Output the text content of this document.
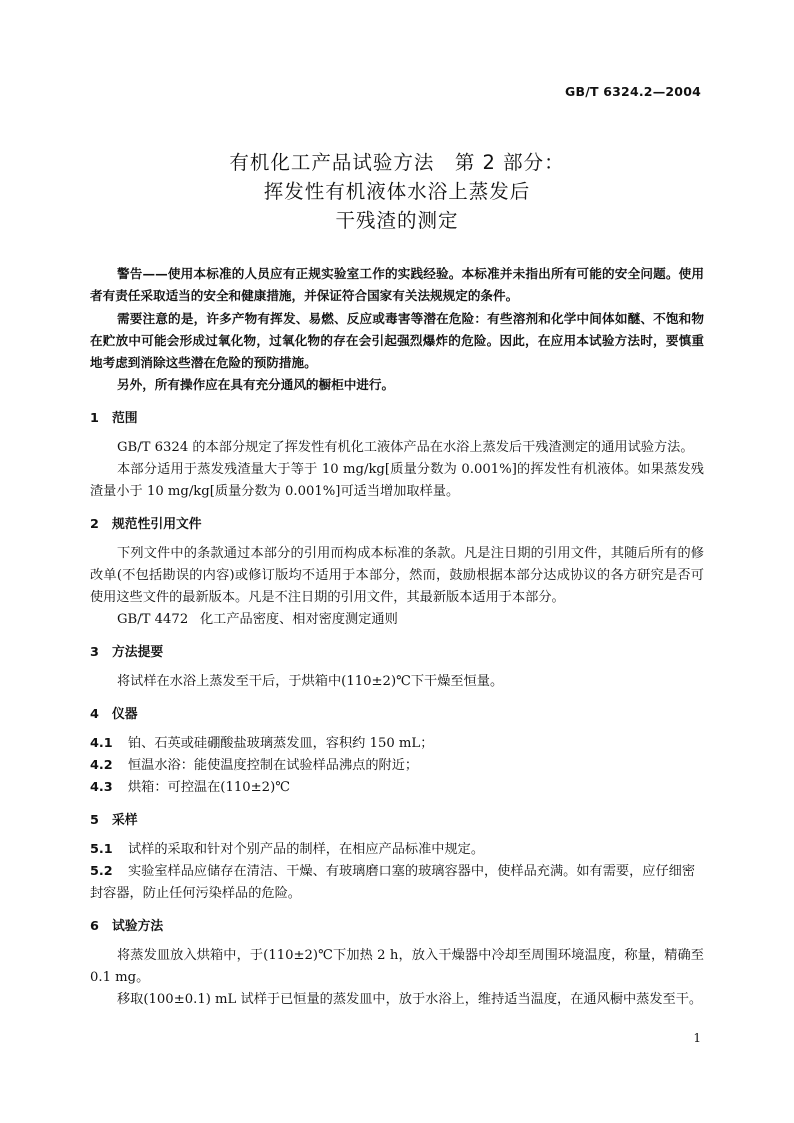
GB/T 6324.2—2004
有机化工产品试验方法　第 2 部分：
挥发性有机液体水浴上蒸发后
干残渣的测定

警告——使用本标准的人员应有正规实验室工作的实践经验。本标准并未指出所有可能的安全问题。使用者有责任采取适当的安全和健康措施，并保证符合国家有关法规规定的条件。

需要注意的是，许多产物有挥发、易燃、反应或毒害等潜在危险：有些溶剂和化学中间体如醚、不饱和物在贮放中可能会形成过氧化物，过氧化物的存在会引起强烈爆炸的危险。因此，在应用本试验方法时，要慎重地考虑到消除这些潜在危险的预防措施。

另外，所有操作应在具有充分通风的橱柜中进行。

1 范围

GB/T 6324 的本部分规定了挥发性有机化工液体产品在水浴上蒸发后干残渣测定的通用试验方法。

本部分适用于蒸发残渣量大于等于 10 mg/kg[质量分数为 0.001%]的挥发性有机液体。如果蒸发残渣量小于 10 mg/kg[质量分数为 0.001%]可适当增加取样量。

2 规范性引用文件

下列文件中的条款通过本部分的引用而构成本标准的条款。凡是注日期的引用文件，其随后所有的修改单(不包括勘误的内容)或修订版均不适用于本部分，然而，鼓励根据本部分达成协议的各方研究是否可使用这些文件的最新版本。凡是不注日期的引用文件，其最新版本适用于本部分。

GB/T 4472 化工产品密度、相对密度测定通则
3 方法提要

将试样在水浴上蒸发至干后，于烘箱中(110±2)℃下干燥至恒量。

4 仪器
4.1 铂、石英或硅硼酸盐玻璃蒸发皿，容积约 150 mL；
4.2 恒温水浴：能使温度控制在试验样品沸点的附近；
4.3 烘箱：可控温在(110±2)℃
5 采样
5.1 试样的采取和针对个别产品的制样，在相应产品标准中规定。
5.2 实验室样品应储存在清洁、干燥、有玻璃磨口塞的玻璃容器中，使样品充满。如有需要，应仔细密封容器，防止任何污染样品的危险。
6 试验方法

将蒸发皿放入烘箱中，于(110±2)℃下加热 2 h，放入干燥器中冷却至周围环境温度，称量，精确至 0.1 mg。

移取(100±0.1) mL 试样于已恒量的蒸发皿中，放于水浴上，维持适当温度，在通风橱中蒸发至干。

1
